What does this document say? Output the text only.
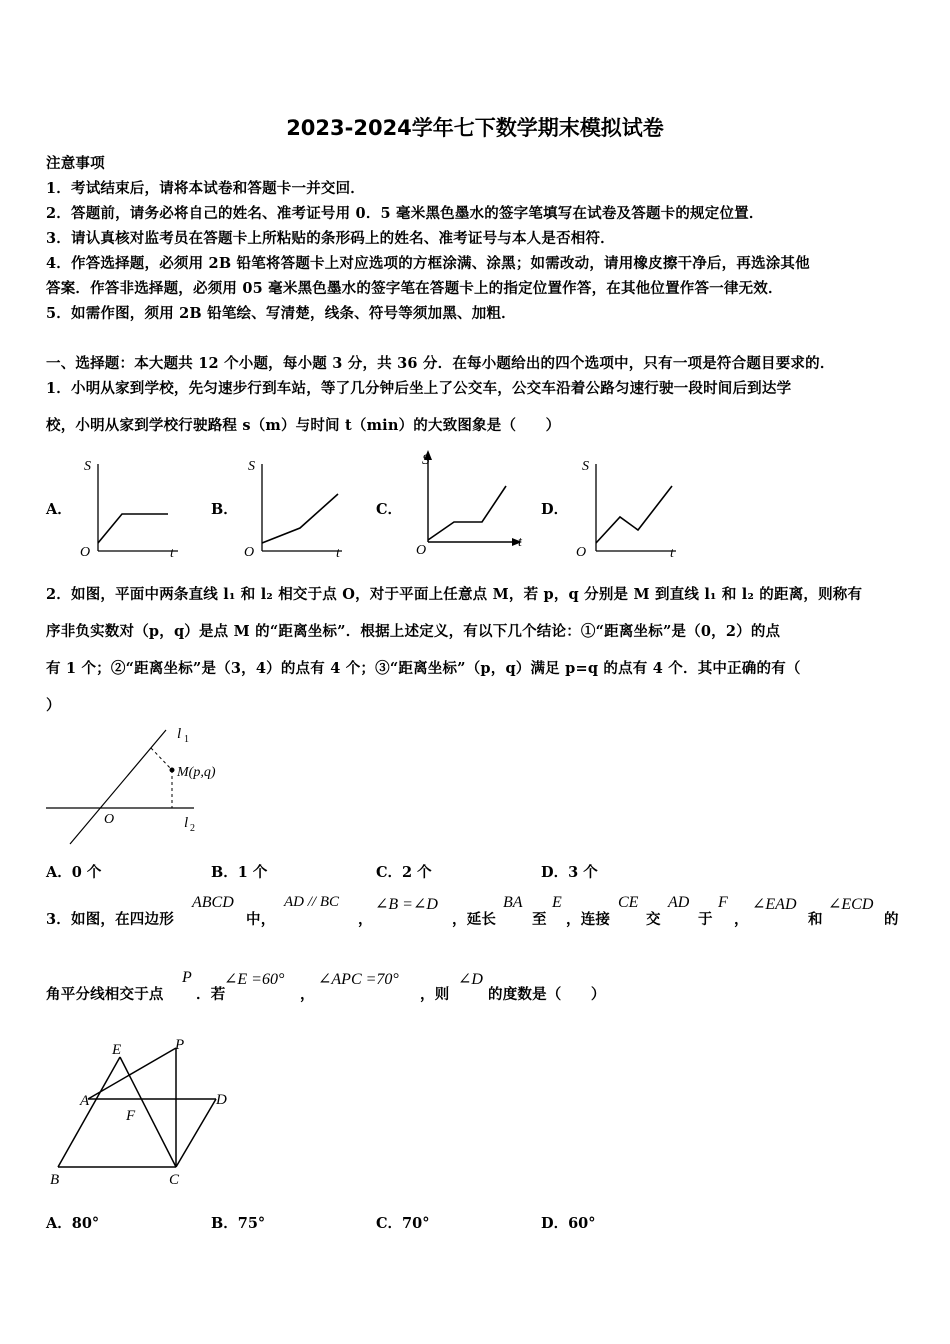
2023-2024学年七下数学期末模拟试卷
注意事项
1．考试结束后，请将本试卷和答题卡一并交回．
2．答题前，请务必将自己的姓名、准考证号用 0．5 毫米黑色墨水的签字笔填写在试卷及答题卡的规定位置．
3．请认真核对监考员在答题卡上所粘贴的条形码上的姓名、准考证号与本人是否相符．
4．作答选择题，必须用 2B 铅笔将答题卡上对应选项的方框涂满、涂黑；如需改动，请用橡皮擦干净后，再选涂其他
答案．作答非选择题，必须用 05 毫米黑色墨水的签字笔在答题卡上的指定位置作答，在其他位置作答一律无效．
5．如需作图，须用 2B 铅笔绘、写清楚，线条、符号等须加黑、加粗．
一、选择题：本大题共 12 个小题，每小题 3 分，共 36 分．在每小题给出的四个选项中，只有一项是符合题目要求的．
1．小明从家到学校，先匀速步行到车站，等了几分钟后坐上了公交车，公交车沿着公路匀速行驶一段时间后到达学
校，小明从家到学校行驶路程 s（m）与时间 t（min）的大致图象是（　　）
A．
S
O	t
B．
S
O	t
C．
S
O
t
D．
S
O	t
2．如图，平面中两条直线 l₁ 和 l₂ 相交于点 O，对于平面上任意点 M，若 p，q 分别是 M 到直线 l₁ 和 l₂ 的距离，则称有
序非负实数对（p，q）是点 M 的“距离坐标”．根据上述定义，有以下几个结论：①“距离坐标”是（0，2）的点
有 1 个；②“距离坐标”是（3，4）的点有 4 个；③“距离坐标”（p，q）满足 p=q 的点有 4 个．其中正确的有（
）
l 1
M(p,q)
O	l 2
A．0 个	B．1 个	C．2 个	D．3 个
3．如图，在四边形
ABCD
中，
AD // BC
，
∠B =∠D
，延长
BA
至
E
，连接
CE
交
AD
于
F
，
∠EAD
和
∠ECD
的
角平分线相交于点
P
．若
∠E =60°
，
∠APC =70°
，则
∠D
的度数是（　　）
E	P
A	D
F
B	C
A．80°	B．75°	C．70°	D．60°
